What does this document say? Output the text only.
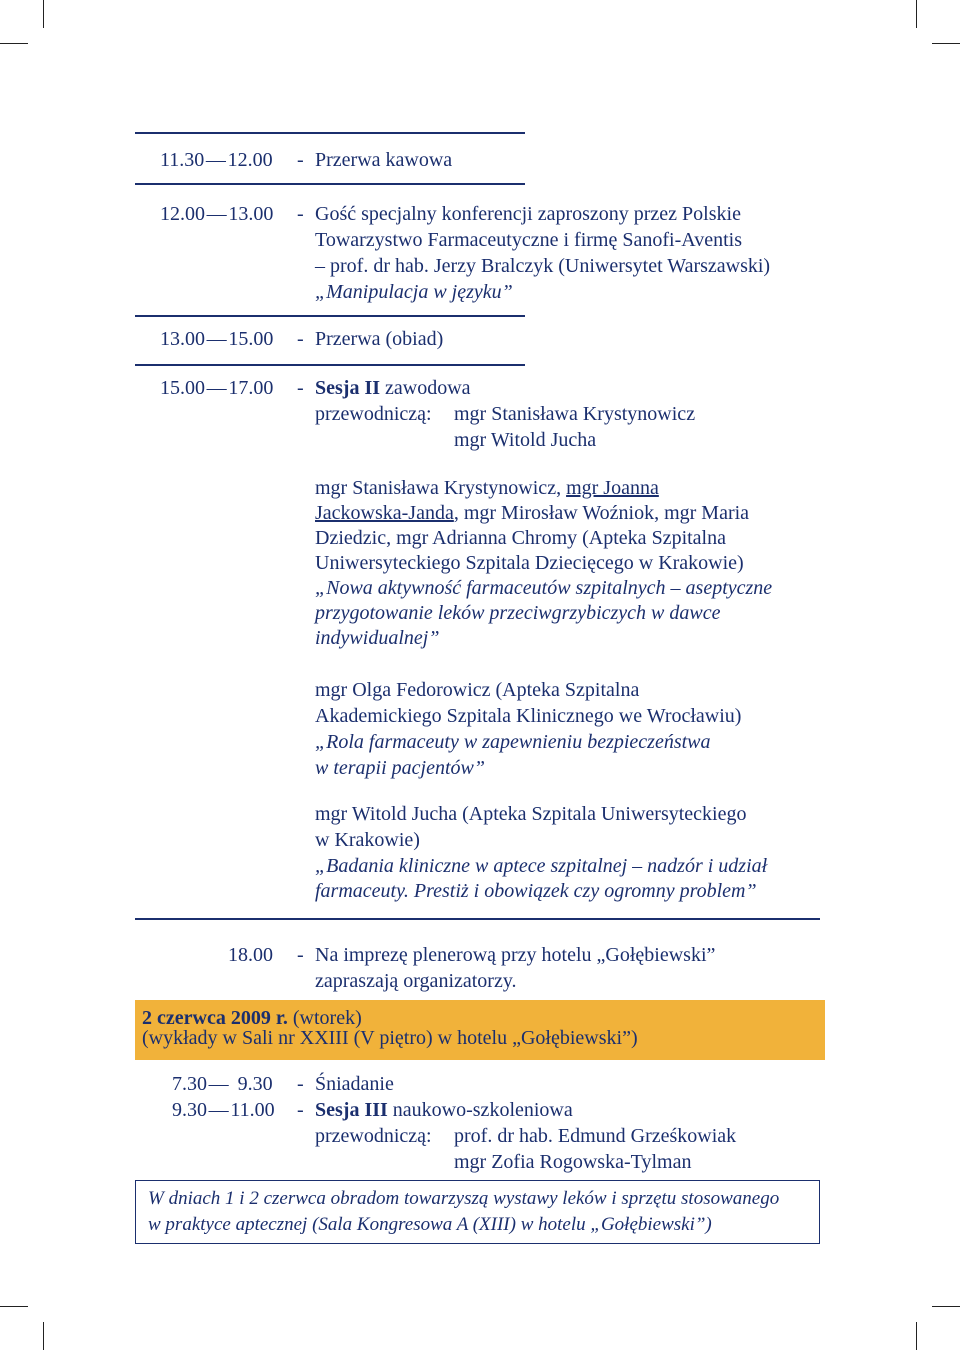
11.30 — 12.00 - Przerwa kawowa
12.00 — 13.00 - Gość specjalny konferencji zaproszony przez Polskie
Towarzystwo Farmaceutyczne i firmę Sanofi-Aventis
– prof. dr hab. Jerzy Bralczyk (Uniwersytet Warszawski)
„Manipulacja w języku”
13.00 — 15.00 - Przerwa (obiad)
15.00 — 17.00 - Sesja II zawodowa
przewodniczą: mgr Stanisława Krystynowicz
mgr Witold Jucha
mgr Stanisława Krystynowicz, mgr Joanna
Jackowska-Janda, mgr Mirosław Woźniok, mgr Maria
Dziedzic, mgr Adrianna Chromy (Apteka Szpitalna
Uniwersyteckiego Szpitala Dziecięcego w Krakowie)
„Nowa aktywność farmaceutów szpitalnych – aseptyczne
przygotowanie leków przeciwgrzybiczych w dawce
indywidualnej”
mgr Olga Fedorowicz (Apteka Szpitalna
Akademickiego Szpitala Klinicznego we Wrocławiu)
„Rola farmaceuty w zapewnieniu bezpieczeństwa
w terapii pacjentów”
mgr Witold Jucha (Apteka Szpitala Uniwersyteckiego
w Krakowie)
„Badania kliniczne w aptece szpitalnej – nadzór i udział
farmaceuty. Prestiż i obowiązek czy ogromny problem”
18.00 - Na imprezę plenerową przy hotelu „Gołębiewski”
zapraszają organizatorzy.
2 czerwca 2009 r. (wtorek)
(wykłady w Sali nr XXIII (V piętro) w hotelu „Gołębiewski”)
7.30 —  9.30 - Śniadanie
9.30 — 11.00 - Sesja III naukowo-szkoleniowa
przewodniczą: prof. dr hab. Edmund Grześkowiak
mgr Zofia Rogowska-Tylman
W dniach 1 i 2 czerwca obradom towarzyszą wystawy leków i sprzętu stosowanego
w praktyce aptecznej (Sala Kongresowa A (XIII) w hotelu „Gołębiewski”)
